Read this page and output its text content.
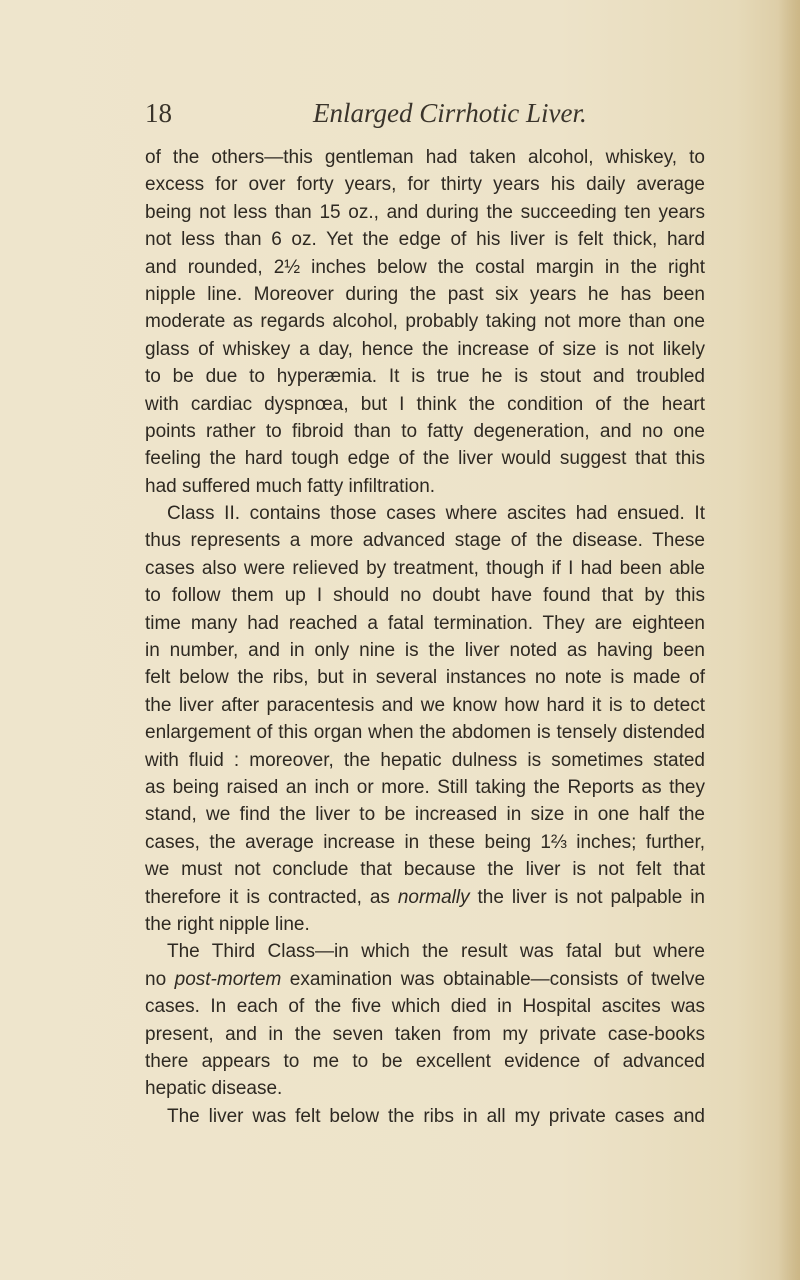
18	Enlarged Cirrhotic Liver.
of the others—this gentleman had taken alcohol, whiskey, to
excess for over forty years, for thirty years his daily average
being not less than 15 oz., and during the succeeding ten years
not less than 6 oz. Yet the edge of his liver is felt thick, hard
and rounded, 2½ inches below the costal margin in the right
nipple line. Moreover during the past six years he has been
moderate as regards alcohol, probably taking not more than one
glass of whiskey a day, hence the increase of size is not likely
to be due to hyperæmia. It is true he is stout and troubled
with cardiac dyspnœa, but I think the condition of the heart
points rather to fibroid than to fatty degeneration, and no one
feeling the hard tough edge of the liver would suggest that this
had suffered much fatty infiltration.
Class II. contains those cases where ascites had ensued. It
thus represents a more advanced stage of the disease. These
cases also were relieved by treatment, though if I had been able
to follow them up I should no doubt have found that by this
time many had reached a fatal termination. They are eighteen
in number, and in only nine is the liver noted as having been
felt below the ribs, but in several instances no note is made of
the liver after paracentesis and we know how hard it is to detect
enlargement of this organ when the abdomen is tensely distended
with fluid : moreover, the hepatic dulness is sometimes stated
as being raised an inch or more. Still taking the Reports as they
stand, we find the liver to be increased in size in one half the
cases, the average increase in these being 1⅔ inches; further,
we must not conclude that because the liver is not felt that
therefore it is contracted, as normally the liver is not palpable in
the right nipple line.
The Third Class—in which the result was fatal but where
no post-mortem examination was obtainable—consists of twelve
cases. In each of the five which died in Hospital ascites was
present, and in the seven taken from my private case-books
there appears to me to be excellent evidence of advanced
hepatic disease.
The liver was felt below the ribs in all my private cases and
